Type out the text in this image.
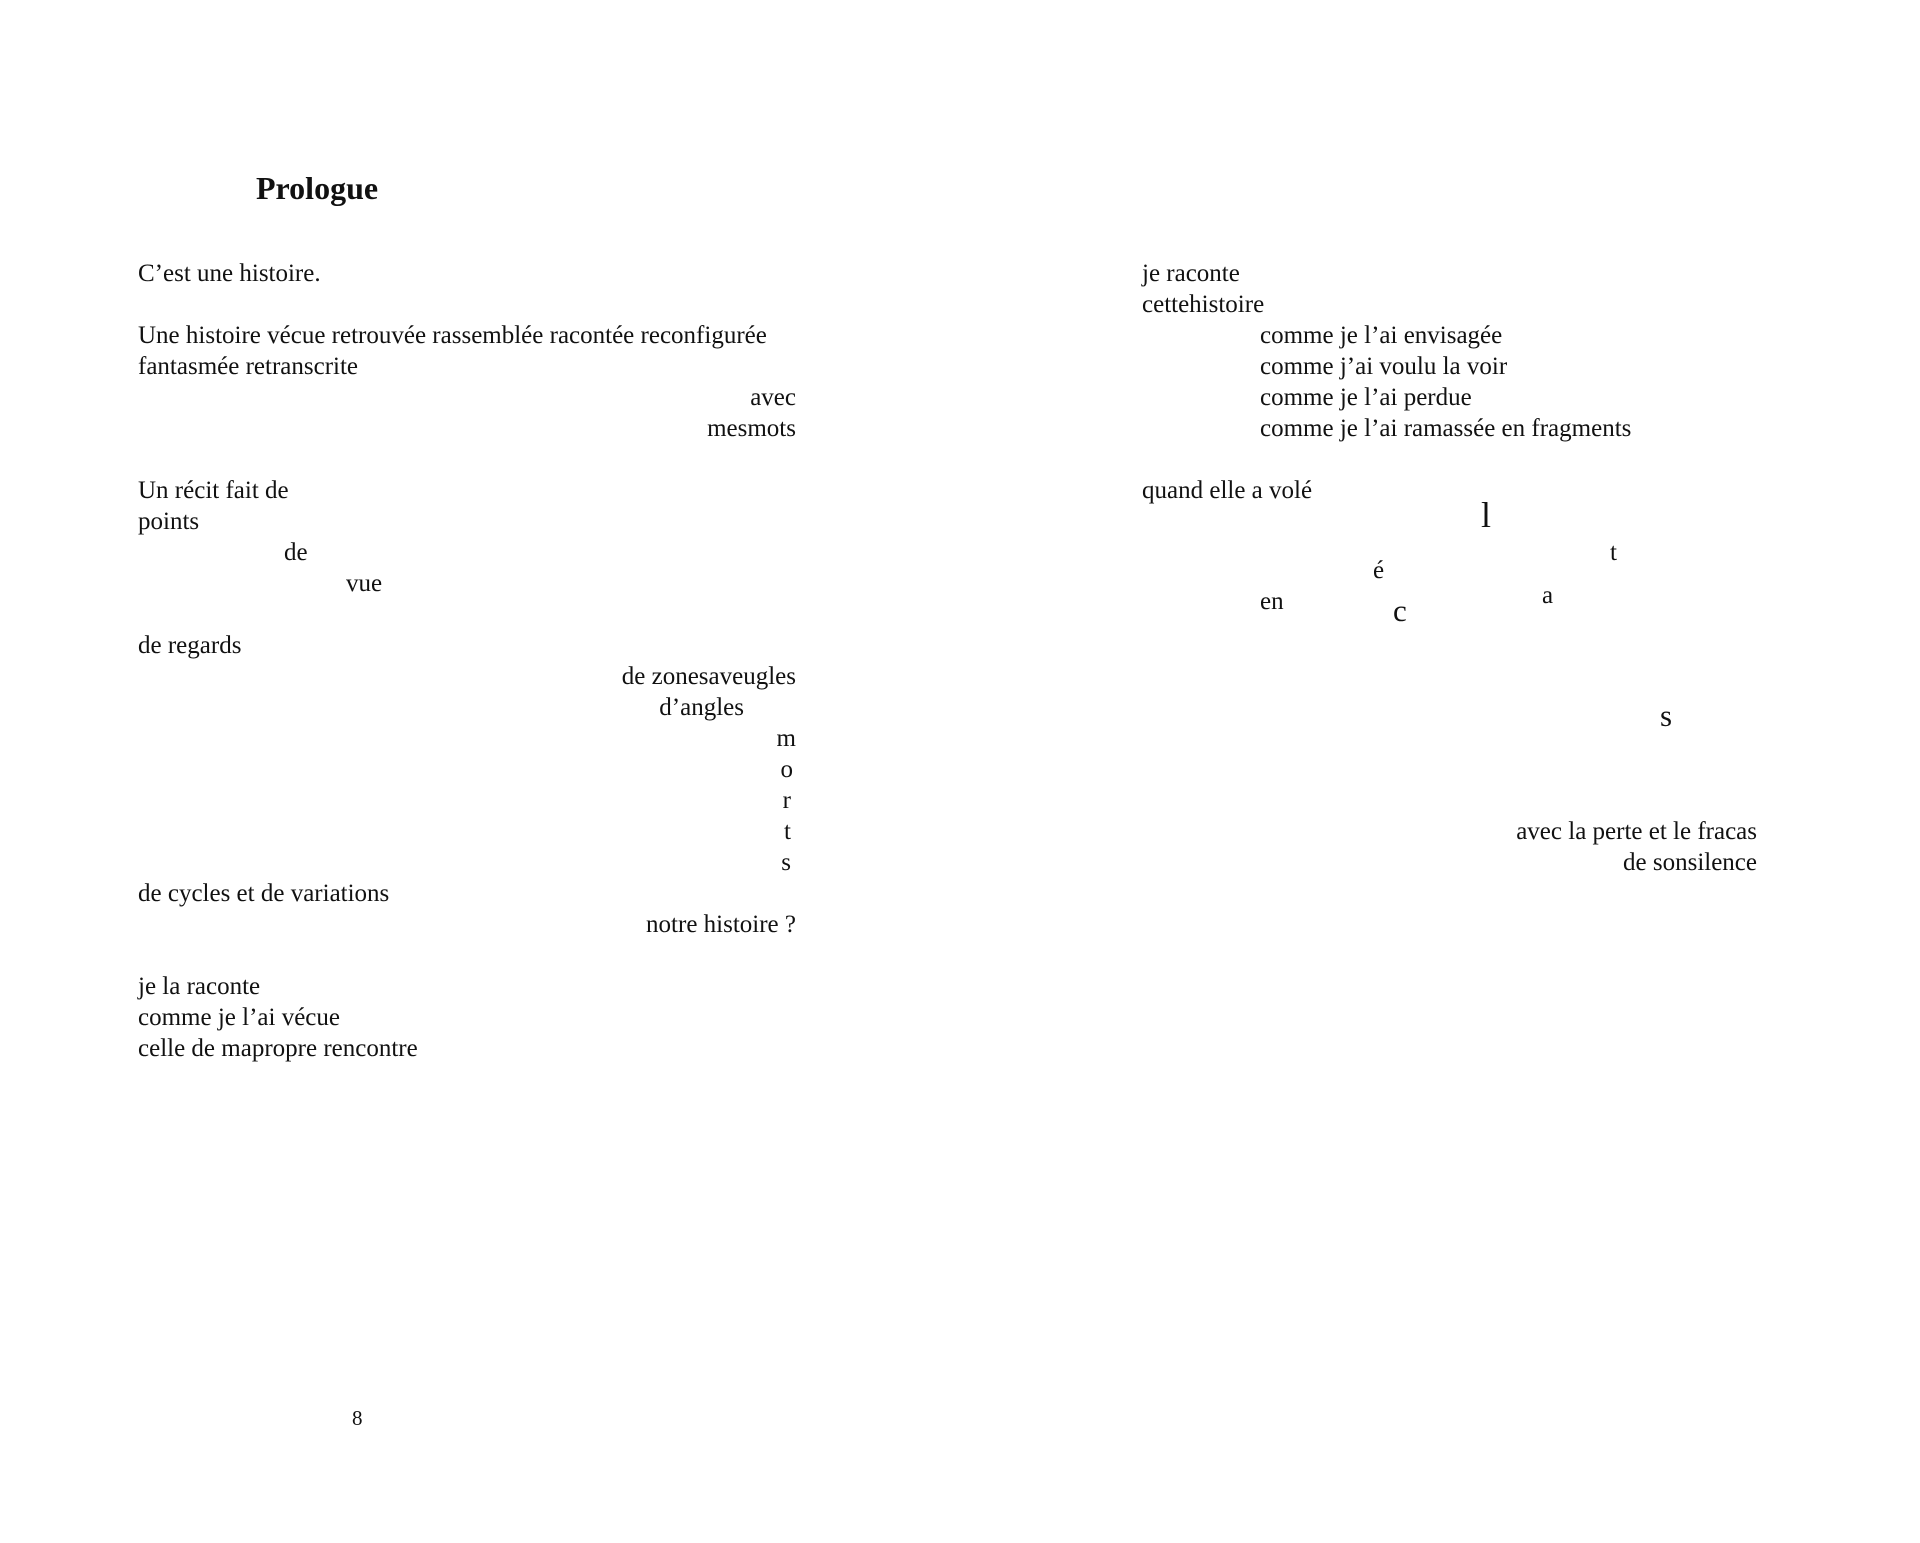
Prologue
C’est une histoire.
Une histoire vécue retrouvée rassemblée racontée reconfigurée
fantasmée retranscrite
avec
mesmots
Un récit fait de
points
de
vue
de regards
de zonesaveugles
d’angles
m
o
r
t
s
de cycles et de variations
notre histoire ?
je la raconte
comme je l’ai vécue
celle de mapropre rencontre
8
je raconte
cettehistoire
comme je l’ai envisagée
comme j’ai voulu la voir
comme je l’ai perdue
comme je l’ai ramassée en fragments
quand elle a volé
l
t
é
en	c	a
s
avec la perte et le fracas
de sonsilence
